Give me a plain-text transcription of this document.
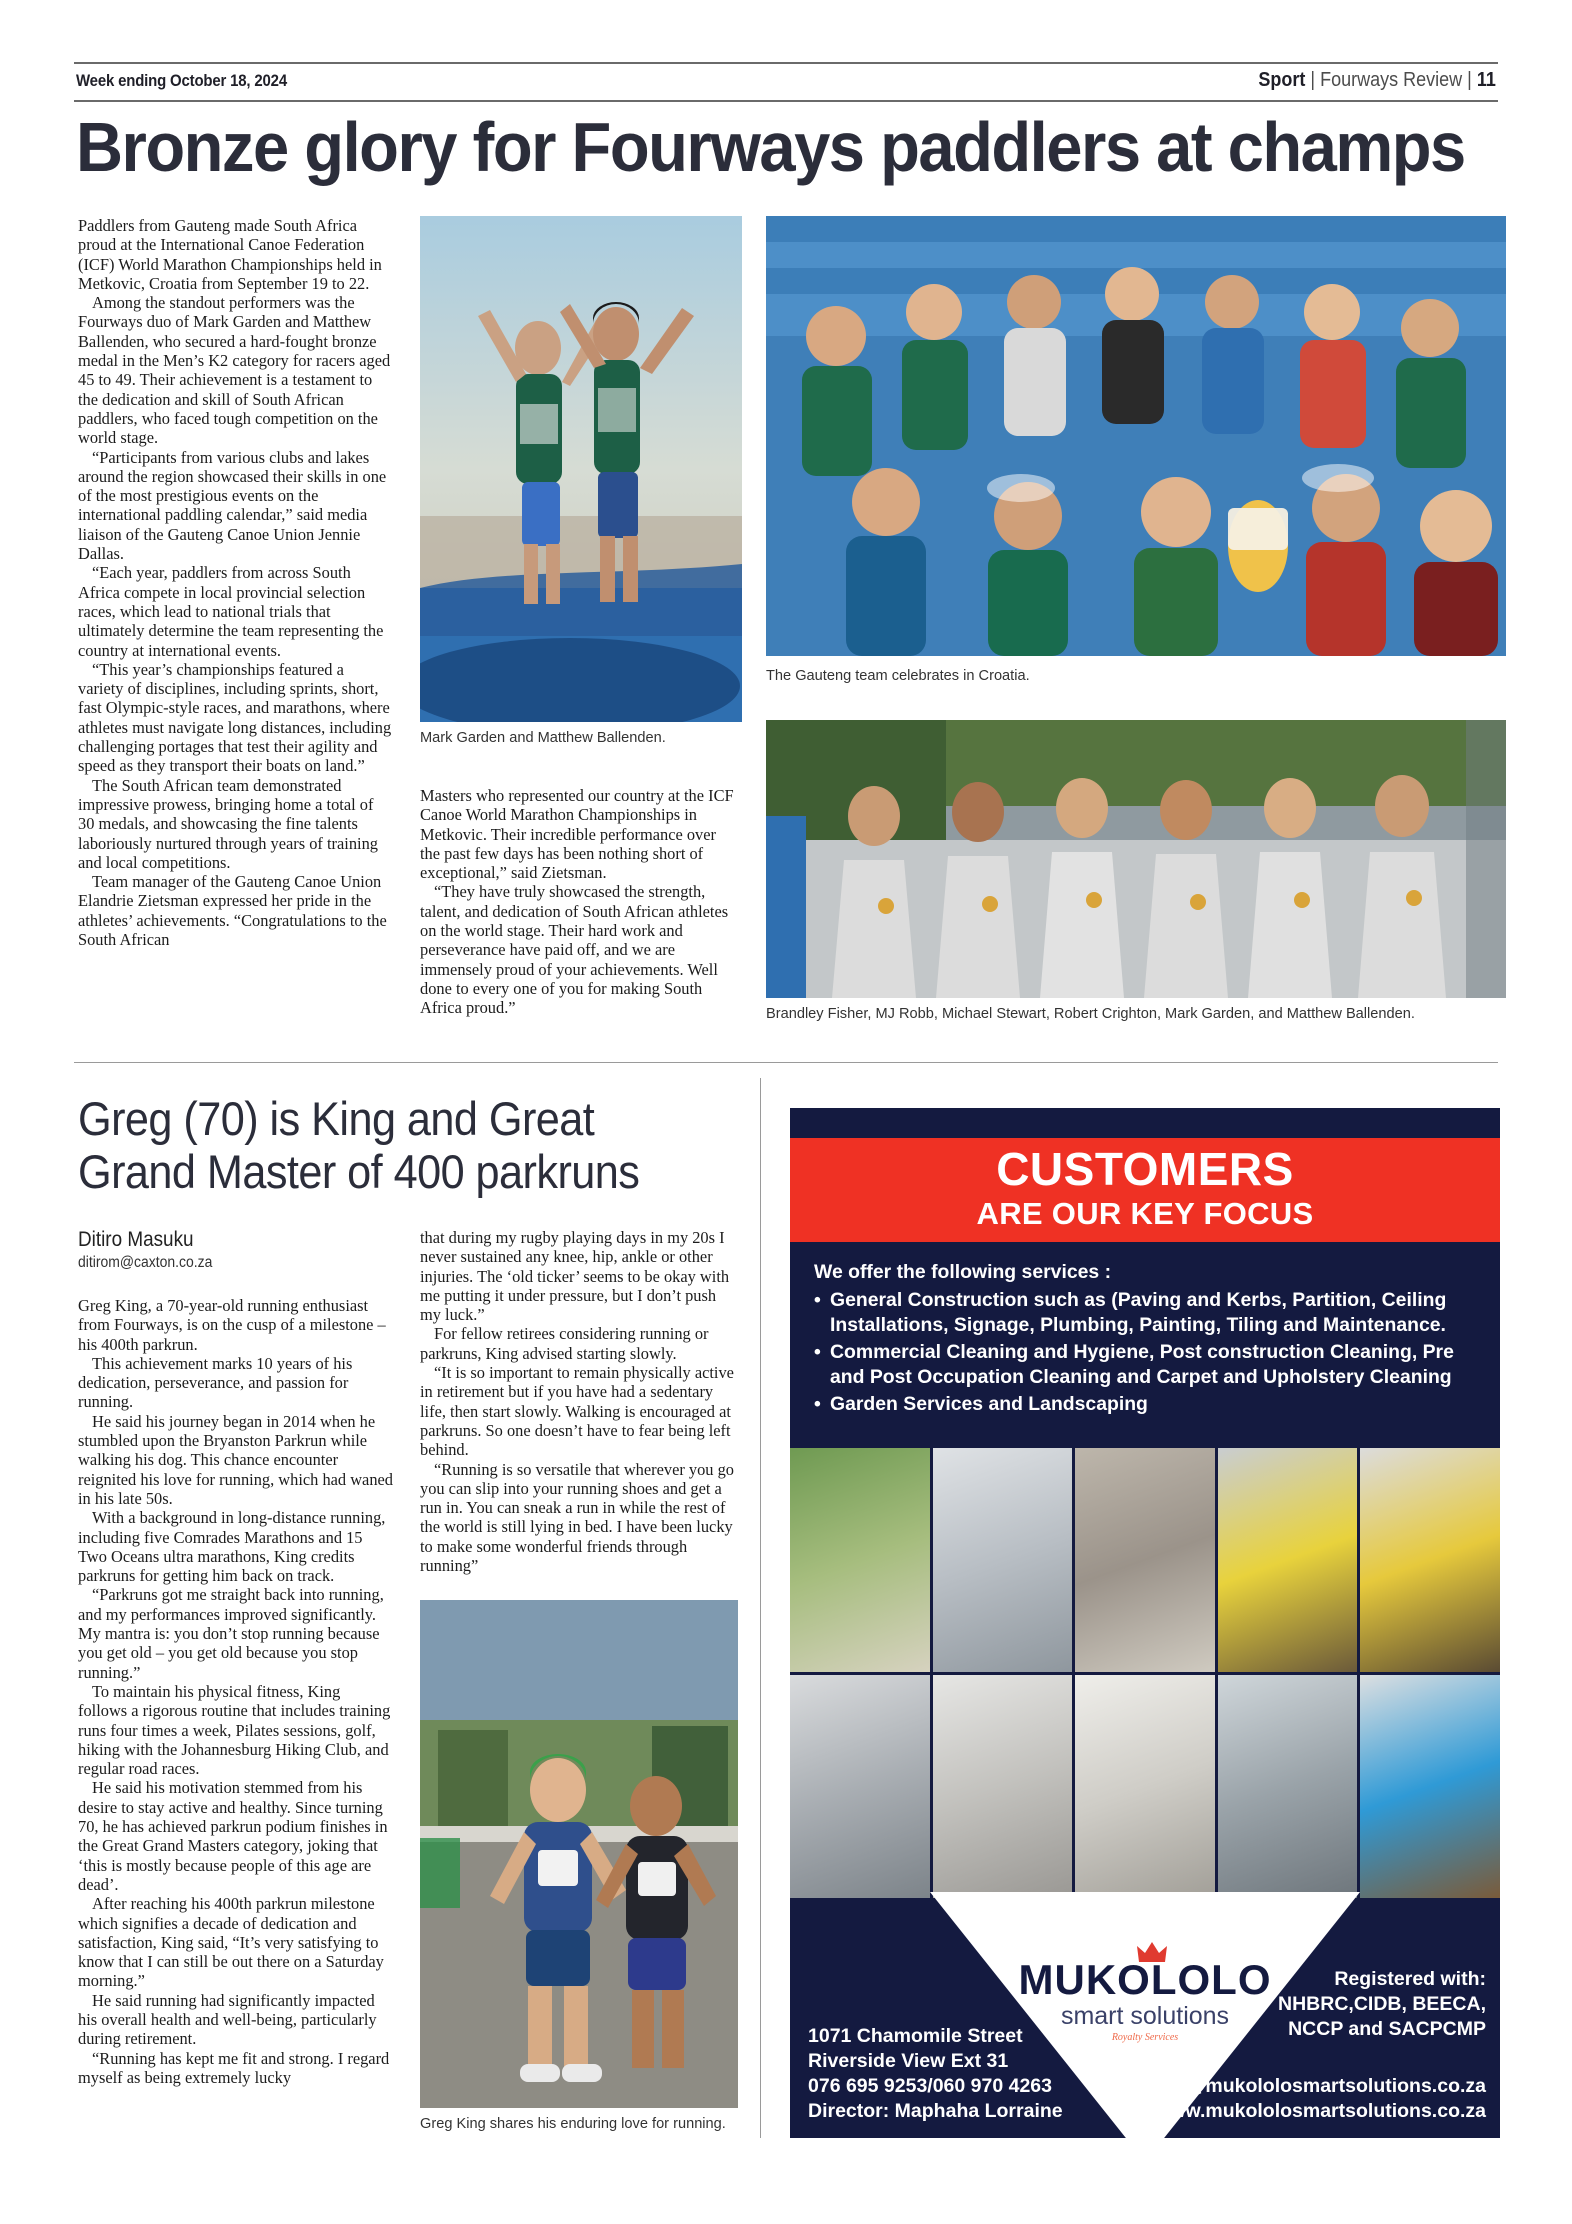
Week ending October 18, 2024	Sport | Fourways Review | 11
Bronze glory for Fourways paddlers at champs

Paddlers from Gauteng made South Africa proud at the International Canoe Federation (ICF) World Marathon Championships held in Metkovic, Croatia from September 19 to 22.

Among the standout performers was the Fourways duo of Mark Garden and Matthew Ballenden, who secured a hard-fought bronze medal in the Men’s K2 category for racers aged 45 to 49. Their achievement is a testament to the dedication and skill of South African paddlers, who faced tough competition on the world stage.

“Participants from various clubs and lakes around the region showcased their skills in one of the most prestigious events on the international paddling calendar,” said media liaison of the Gauteng Canoe Union Jennie Dallas.

“Each year, paddlers from across South Africa compete in local provincial selection races, which lead to national trials that ultimately determine the team representing the country at international events.

“This year’s championships featured a variety of disciplines, including sprints, short, fast Olympic-style races, and marathons, where athletes must navigate long distances, including challenging portages that test their agility and speed as they transport their boats on land.”

The South African team demonstrated impressive prowess, bringing home a total of 30 medals, and showcasing the fine talents laboriously nurtured through years of training and local competitions.

Team manager of the Gauteng Canoe Union Elandrie Zietsman expressed her pride in the athletes’ achievements. “Congratulations to the South African

Mark Garden and Matthew Ballenden.

Masters who represented our country at the ICF Canoe World Marathon Championships in Metkovic. Their incredible performance over the past few days has been nothing short of exceptional,” said Zietsman.

“They have truly showcased the strength, talent, and dedication of South African athletes on the world stage. Their hard work and perseverance have paid off, and we are immensely proud of your achievements. Well done to every one of you for making South Africa proud.”

The Gauteng team celebrates in Croatia.
Brandley Fisher, MJ Robb, Michael Stewart, Robert Crighton, Mark Garden, and Matthew Ballenden.
Greg (70) is King and Great Grand Master of 400 parkruns
Ditiro Masuku
ditirom@caxton.co.za

Greg King, a 70-year-old running enthusiast from Fourways, is on the cusp of a milestone – his 400th parkrun.

This achievement marks 10 years of his dedication, perseverance, and passion for running.

He said his journey began in 2014 when he stumbled upon the Bryanston Parkrun while walking his dog. This chance encounter reignited his love for running, which had waned in his late 50s.

With a background in long-distance running, including five Comrades Marathons and 15 Two Oceans ultra marathons, King credits parkruns for getting him back on track.

“Parkruns got me straight back into running, and my performances improved significantly. My mantra is: you don’t stop running because you get old – you get old because you stop running.”

To maintain his physical fitness, King follows a rigorous routine that includes training runs four times a week, Pilates sessions, golf, hiking with the Johannesburg Hiking Club, and regular road races.

He said his motivation stemmed from his desire to stay active and healthy. Since turning 70, he has achieved parkrun podium finishes in the Great Grand Masters category, joking that ‘this is mostly because people of this age are dead’.

After reaching his 400th parkrun milestone which signifies a decade of dedication and satisfaction, King said, “It’s very satisfying to know that I can still be out there on a Saturday morning.”

He said running had significantly impacted his overall health and well-being, particularly during retirement.

“Running has kept me fit and strong. I regard myself as being extremely lucky

that during my rugby playing days in my 20s I never sustained any knee, hip, ankle or other injuries. The ‘old ticker’ seems to be okay with me putting it under pressure, but I don’t push my luck.”

For fellow retirees considering running or parkruns, King advised starting slowly.

“It is so important to remain physically active in retirement but if you have had a sedentary life, then start slowly. Walking is encouraged at parkruns. So one doesn’t have to fear being left behind.

“Running is so versatile that wherever you go you can slip into your running shoes and get a run in. You can sneak a run in while the rest of the world is still lying in bed. I have been lucky to make some wonderful friends through running”

Greg King shares his enduring love for running.
CUSTOMERS
ARE OUR KEY FOCUS
We offer the following services :
• General Construction such as (Paving and Kerbs, Partition, Ceiling Installations, Signage, Plumbing, Painting, Tiling and Maintenance.
• Commercial Cleaning and Hygiene, Post construction Cleaning, Pre and Post Occupation Cleaning and Carpet and Upholstery Cleaning
• Garden Services and Landscaping
MUKOLOLO
smart solutions
Royalty Services
1071 Chamomile Street
Riverside View Ext 31
076 695 9253/060 970 4263
Director: Maphaha Lorraine
Registered with:
NHBRC,CIDB, BEECA,
NCCP and SACPCMP
lorraine@mukololosmartsolutions.co.za
www.mukololosmartsolutions.co.za
